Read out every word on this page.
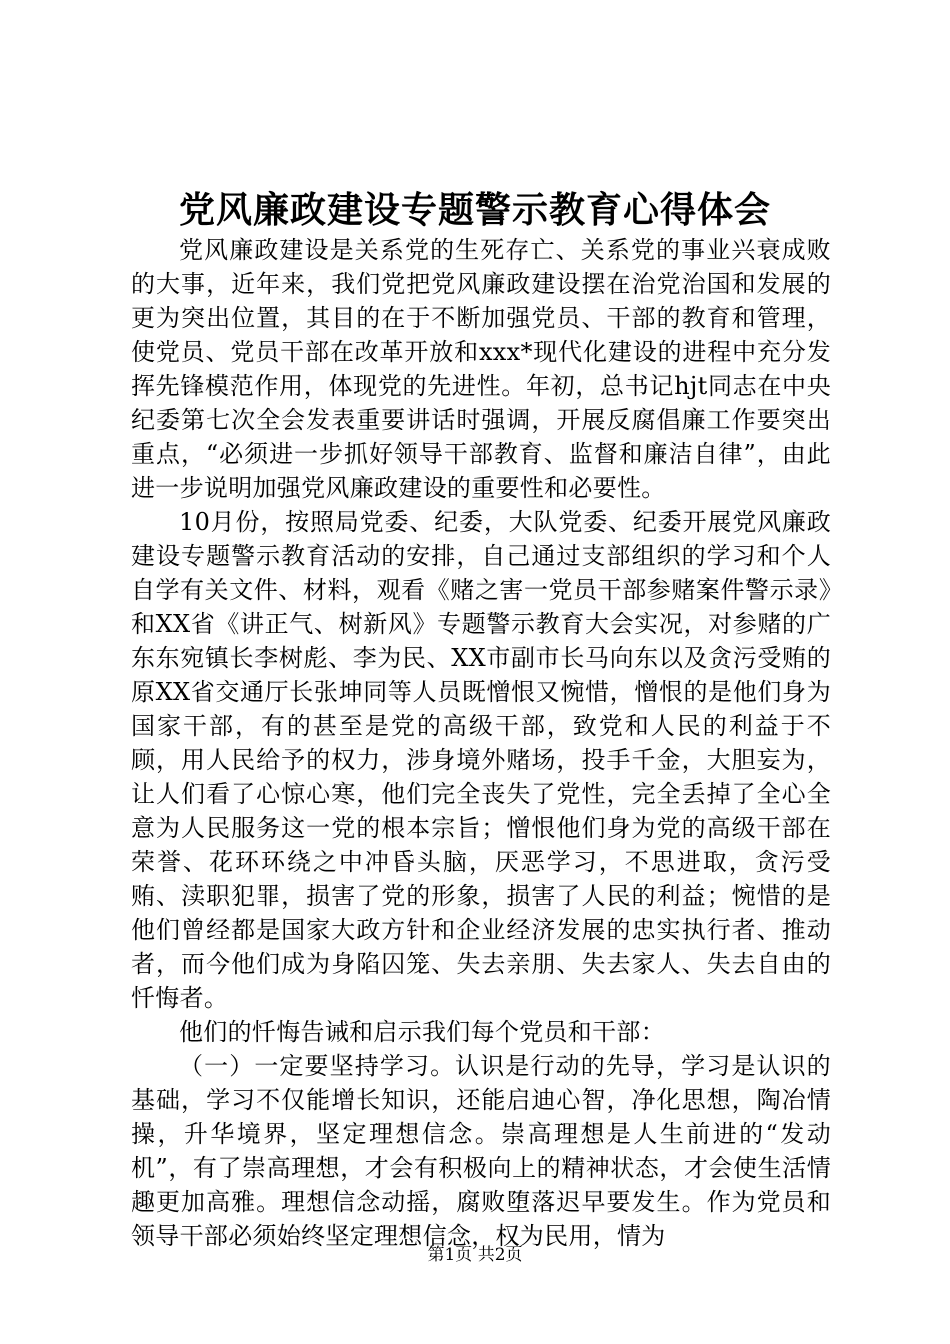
党风廉政建设专题警示教育心得体会

党风廉政建设是关系党的生死存亡、关系党的事业兴衰成败的大事，近年来，我们党把党风廉政建设摆在治党治国和发展的更为突出位置，其目的在于不断加强党员、干部的教育和管理，使党员、党员干部在改革开放和xxx*现代化建设的进程中充分发挥先锋模范作用，体现党的先进性。年初，总书记hjt同志在中央纪委第七次全会发表重要讲话时强调，开展反腐倡廉工作要突出重点，“必须进一步抓好领导干部教育、监督和廉洁自律”，由此进一步说明加强党风廉政建设的重要性和必要性。

10月份，按照局党委、纪委，大队党委、纪委开展党风廉政建设专题警示教育活动的安排，自己通过支部组织的学习和个人自学有关文件、材料，观看《赌之害一党员干部参赌案件警示录》和XX省《讲正气、树新风》专题警示教育大会实况，对参赌的广东东宛镇长李树彪、李为民、XX市副市长马向东以及贪污受贿的原XX省交通厅长张坤同等人员既憎恨又惋惜，憎恨的是他们身为国家干部，有的甚至是党的高级干部，致党和人民的利益于不顾，用人民给予的权力，涉身境外赌场，投手千金，大胆妄为，让人们看了心惊心寒，他们完全丧失了党性，完全丢掉了全心全意为人民服务这一党的根本宗旨；憎恨他们身为党的高级干部在荣誉、花环环绕之中冲昏头脑，厌恶学习，不思进取，贪污受贿、渎职犯罪，损害了党的形象，损害了人民的利益；惋惜的是他们曾经都是国家大政方针和企业经济发展的忠实执行者、推动者，而今他们成为身陷囚笼、失去亲朋、失去家人、失去自由的忏悔者。

他们的忏悔告诫和启示我们每个党员和干部：

（一）一定要坚持学习。认识是行动的先导，学习是认识的基础，学习不仅能增长知识，还能启迪心智，净化思想，陶冶情操，升华境界，坚定理想信念。崇高理想是人生前进的“发动机”，有了崇高理想，才会有积极向上的精神状态，才会使生活情趣更加高雅。理想信念动摇，腐败堕落迟早要发生。作为党员和领导干部必须始终坚定理想信念，权为民用，情为

第1页 共2页
